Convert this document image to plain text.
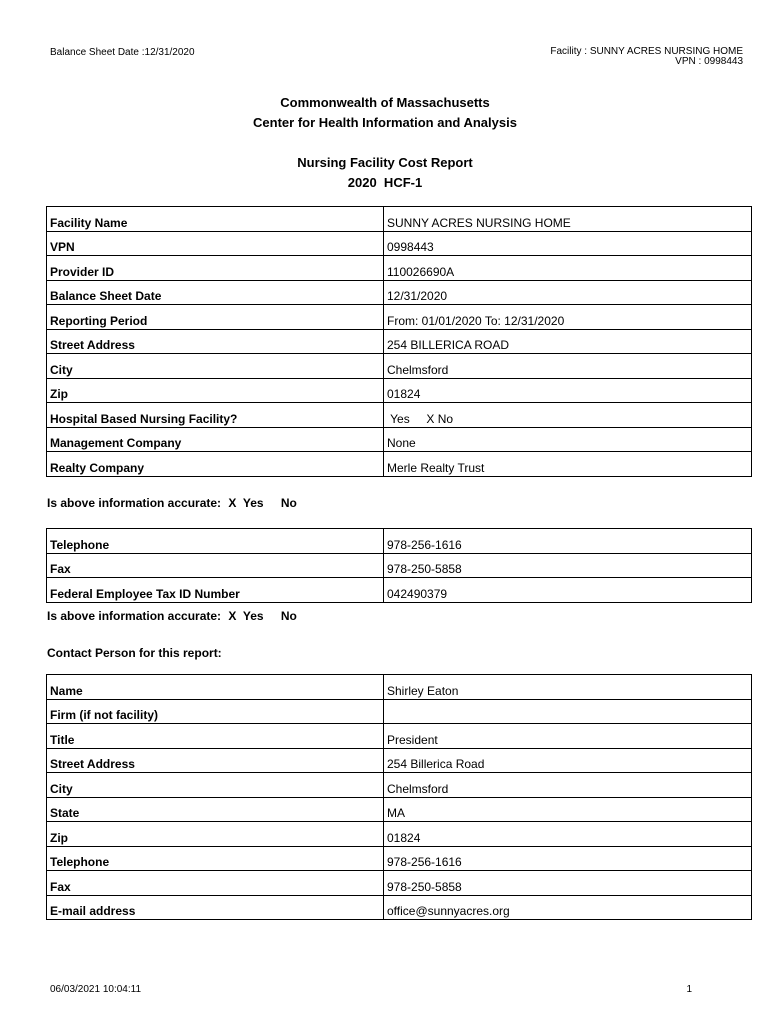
Balance Sheet Date :12/31/2020	Facility : SUNNY ACRES NURSING HOME
VPN : 0998443
Commonwealth of Massachusetts
Center for Health Information and Analysis
Nursing Facility Cost Report
2020  HCF-1
Facility Name	SUNNY ACRES NURSING HOME
VPN	0998443
Provider ID	110026690A
Balance Sheet Date	12/31/2020
Reporting Period	From: 01/01/2020 To: 12/31/2020
Street Address	254 BILLERICA ROAD
City	Chelmsford
Zip	01824
Hospital Based Nursing Facility?	Yes     X No
Management Company	None
Realty Company	Merle Realty Trust
Is above information accurate: X  Yes No
Telephone	978-256-1616
Fax	978-250-5858
Federal Employee Tax ID Number	042490379
Is above information accurate: X  Yes No
Contact Person for this report:
Name	Shirley Eaton
Firm (if not facility)	
Title	President
Street Address	254 Billerica Road
City	Chelmsford
State	MA
Zip	01824
Telephone	978-256-1616
Fax	978-250-5858
E-mail address	office@sunnyacres.org
06/03/2021 10:04:11	1
